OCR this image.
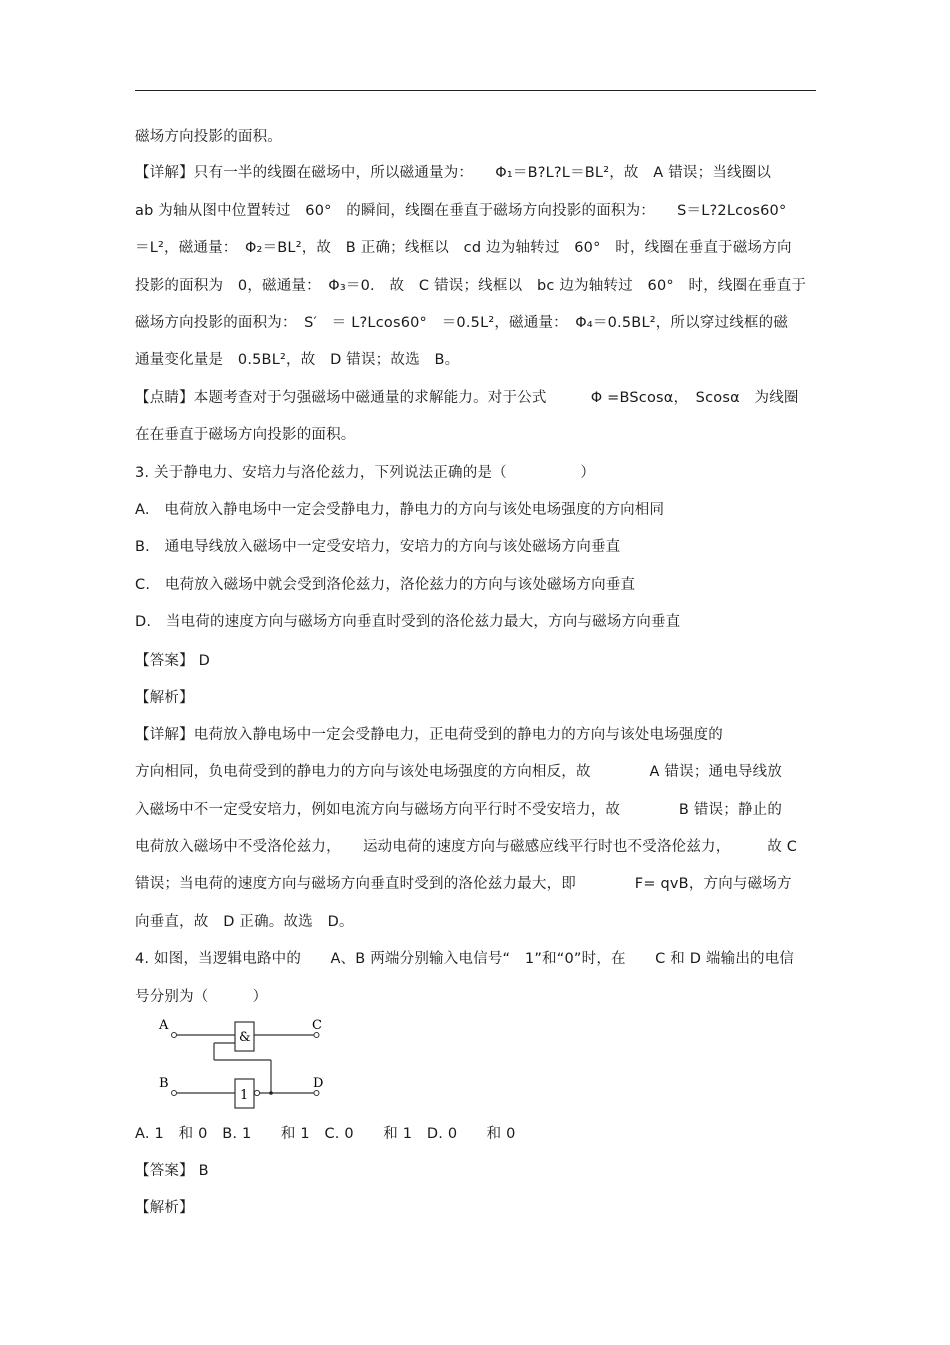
磁场方向投影的面积。
【详解】只有一半的线圈在磁场中，所以磁通量为：　　Φ₁＝B?L?L＝BL²，故　A 错误；当线圈以
ab 为轴从图中位置转过　60°　的瞬间，线圈在垂直于磁场方向投影的面积为：　　S＝L?2Lcos60°
＝L²，磁通量：　Φ₂＝BL²，故　B 正确；线框以　cd 边为轴转过　60°　时，线圈在垂直于磁场方向
投影的面积为　0，磁通量：　Φ₃＝0.　故　C 错误；线框以　bc 边为轴转过　60°　时，线圈在垂直于
磁场方向投影的面积为：　S′　＝ L?Lcos60°　＝0.5L²，磁通量：　Φ₄＝0.5BL²，所以穿过线框的磁
通量变化量是　0.5BL²，故　D 错误；故选　B。
【点睛】本题考查对于匀强磁场中磁通量的求解能力。对于公式　　　Φ =BScosα，　Scosα　为线圈
在在垂直于磁场方向投影的面积。
3. 关于静电力、安培力与洛伦兹力，下列说法正确的是（　　　　　）
A.　电荷放入静电场中一定会受静电力，静电力的方向与该处电场强度的方向相同
B.　通电导线放入磁场中一定受安培力，安培力的方向与该处磁场方向垂直
C.　电荷放入磁场中就会受到洛伦兹力，洛伦兹力的方向与该处磁场方向垂直
D.　当电荷的速度方向与磁场方向垂直时受到的洛伦兹力最大，方向与磁场方向垂直
【答案】 D
【解析】
【详解】电荷放入静电场中一定会受静电力，正电荷受到的静电力的方向与该处电场强度的
方向相同，负电荷受到的静电力的方向与该处电场强度的方向相反，故　　　　A 错误；通电导线放
入磁场中不一定受安培力，例如电流方向与磁场方向平行时不受安培力，故　　　　B 错误；静止的
电荷放入磁场中不受洛伦兹力，　　运动电荷的速度方向与磁感应线平行时也不受洛伦兹力，　　　故 C
错误；当电荷的速度方向与磁场方向垂直时受到的洛伦兹力最大，即　　　　F= qvB，方向与磁场方
向垂直，故　D 正确。故选　D。
4. 如图，当逻辑电路中的　　A、B 两端分别输入电信号“　1”和“0”时，在　　C 和 D 端输出的电信
号分别为（　　　）
A
&
C
B
1
D
A. 1　和 0　B. 1　　和 1　C. 0　　和 1　D. 0　　和 0
【答案】 B
【解析】
